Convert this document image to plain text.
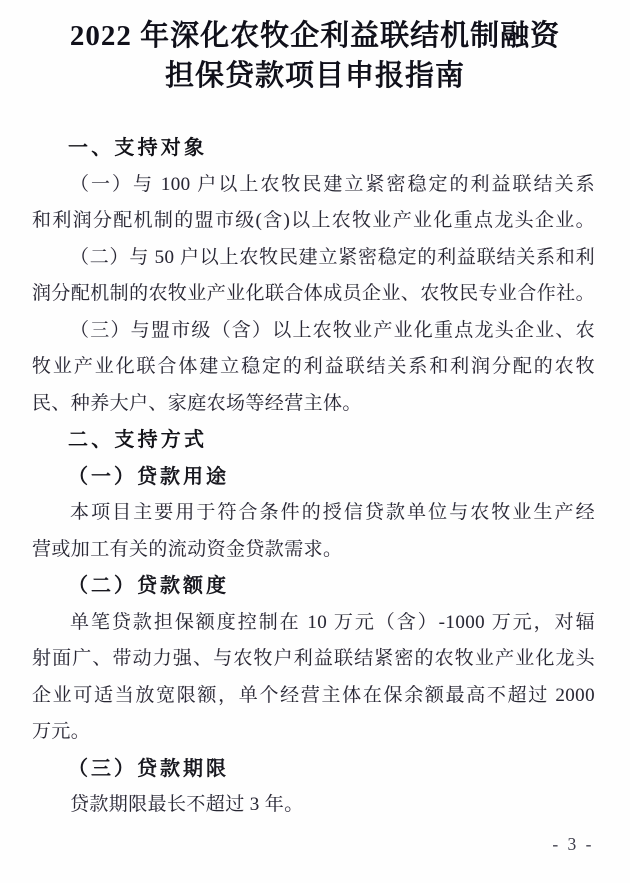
2022 年深化农牧企利益联结机制融资
担保贷款项目申报指南
一、支持对象
（一）与 100 户以上农牧民建立紧密稳定的利益联结关系
和利润分配机制的盟市级(含)以上农牧业产业化重点龙头企业。
（二）与 50 户以上农牧民建立紧密稳定的利益联结关系和利
润分配机制的农牧业产业化联合体成员企业、农牧民专业合作社。
（三）与盟市级（含）以上农牧业产业化重点龙头企业、农
牧业产业化联合体建立稳定的利益联结关系和利润分配的农牧
民、种养大户、家庭农场等经营主体。
二、支持方式
（一）贷款用途
本项目主要用于符合条件的授信贷款单位与农牧业生产经
营或加工有关的流动资金贷款需求。
（二）贷款额度
单笔贷款担保额度控制在 10 万元（含）-1000 万元，对辐
射面广、带动力强、与农牧户利益联结紧密的农牧业产业化龙头
企业可适当放宽限额，单个经营主体在保余额最高不超过 2000
万元。
（三）贷款期限
贷款期限最长不超过 3 年。
- 3 -
